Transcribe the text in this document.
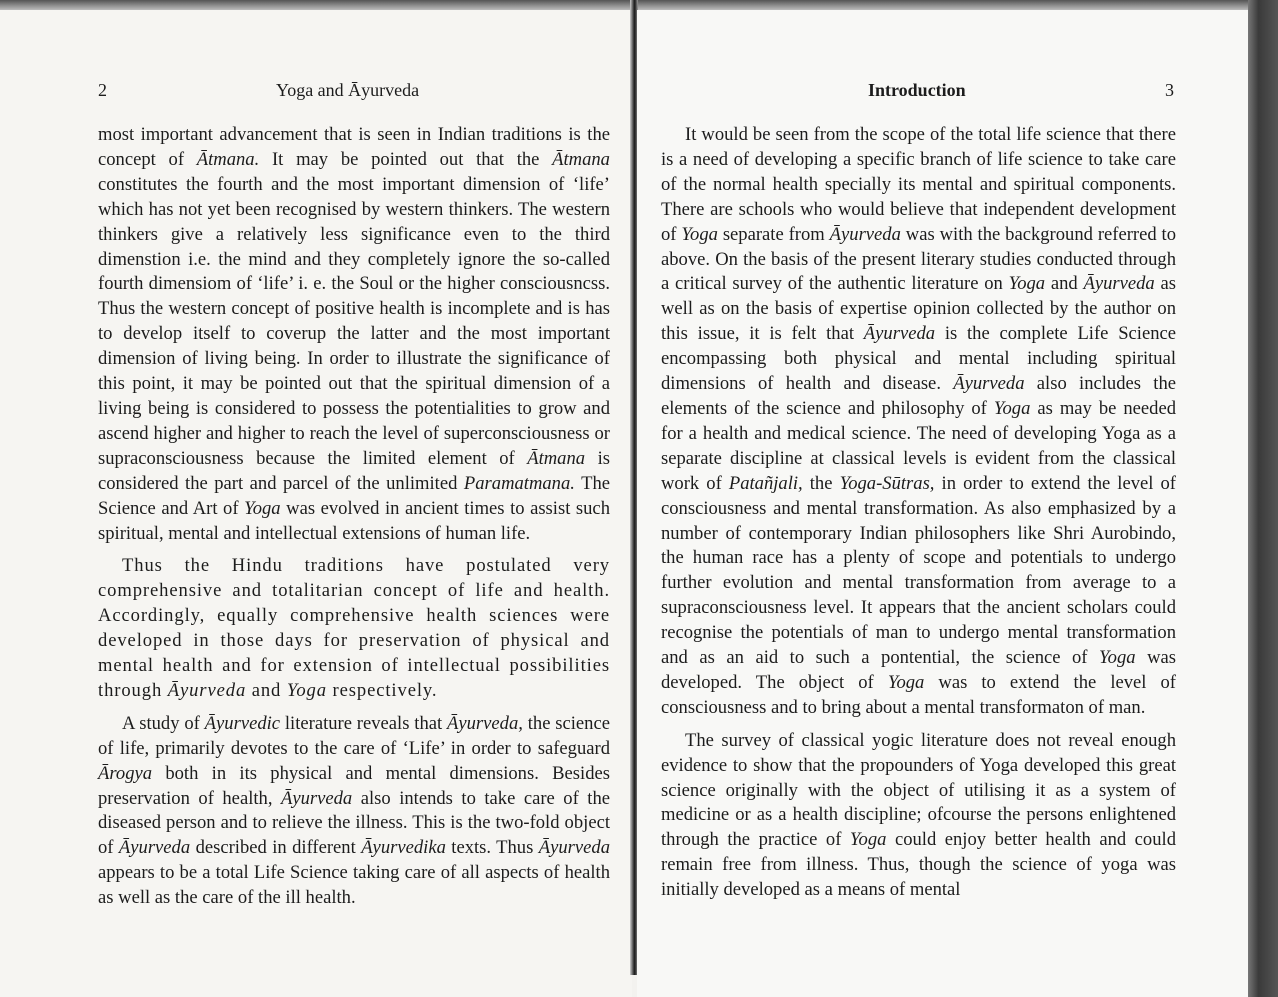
2	Yoga and Āyurveda

most important advancement that is seen in Indian traditions is the concept of Ātmana. It may be pointed out that the Ātmana constitutes the fourth and the most important dimension of ‘life’ which has not yet been recognised by western thinkers. The western thinkers give a relatively less significance even to the third dimenstion i.e. the mind and they completely ignore the so-called fourth dimensiom of ‘life’ i. e. the Soul or the higher consciousncss. Thus the western concept of positive health is incomplete and is has to develop itself to coverup the latter and the most important dimension of living being. In order to illustrate the significance of this point, it may be pointed out that the spiritual dimension of a living being is considered to possess the potentialities to grow and ascend higher and higher to reach the level of superconsciousness or supraconsciousness because the limited element of Ātmana is considered the part and parcel of the unlimited Paramatmana. The Science and Art of Yoga was evolved in ancient times to assist such spiritual, mental and intellectual extensions of human life.

Thus the Hindu traditions have postulated very comprehensive and totalitarian concept of life and health. Accordingly, equally comprehensive health sciences were developed in those days for preservation of physical and mental health and for extension of intellectual possibilities through Āyurveda and Yoga respectively.

A study of Āyurvedic literature reveals that Āyurveda, the science of life, primarily devotes to the care of ‘Life’ in order to safeguard Ārogya both in its physical and mental dimensions. Besides preservation of health, Āyurveda also intends to take care of the diseased person and to relieve the illness. This is the two-fold object of Āyurveda described in different Āyurvedika texts. Thus Āyurveda appears to be a total Life Science taking care of all aspects of health as well as the care of the ill health.

Introduction	3

It would be seen from the scope of the total life science that there is a need of developing a specific branch of life science to take care of the normal health specially its mental and spiritual components. There are schools who would believe that independent development of Yoga separate from Āyurveda was with the background referred to above. On the basis of the present literary studies conducted through a critical survey of the authentic literature on Yoga and Āyurveda as well as on the basis of expertise opinion collected by the author on this issue, it is felt that Āyurveda is the complete Life Science encompassing both physical and mental including spiritual dimensions of health and disease. Āyurveda also includes the elements of the science and philosophy of Yoga as may be needed for a health and medical science. The need of developing Yoga as a separate discipline at classical levels is evident from the classical work of Patañjali, the Yoga-Sūtras, in order to extend the level of consciousness and mental transformation. As also emphasized by a number of contemporary Indian philosophers like Shri Aurobindo, the human race has a plenty of scope and potentials to undergo further evolution and mental transformation from average to a supraconsciousness level. It appears that the ancient scholars could recognise the potentials of man to undergo mental transformation and as an aid to such a pontential, the science of Yoga was developed. The object of Yoga was to extend the level of consciousness and to bring about a mental transformaton of man.

The survey of classical yogic literature does not reveal enough evidence to show that the propounders of Yoga developed this great science originally with the object of utilising it as a system of medicine or as a health discipline; ofcourse the persons enlightened through the practice of Yoga could enjoy better health and could remain free from illness. Thus, though the science of yoga was initially developed as a means of mental
